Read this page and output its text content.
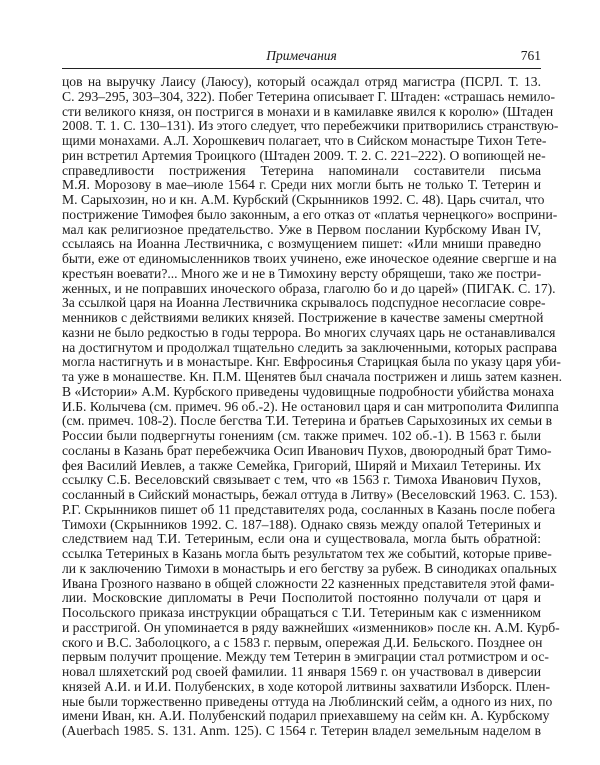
Примечания	761
цов на выручку Лаису (Лаюсу), который осаждал отряд магистра (ПСРЛ. Т. 13.
С. 293–295, 303–304, 322). Побег Тетерина описывает Г. Штаден: «страшась немило-
сти великого князя, он постригся в монахи и в камилавке явился к королю» (Штаден
2008. Т. 1. С. 130–131). Из этого следует, что перебежчики притворились странствую-
щими монахами. А.Л. Хорошкевич полагает, что в Сийском монастыре Тихон Тете-
рин встретил Артемия Троицкого (Штаден 2009. Т. 2. С. 221–222). О вопиющей не-
справедливости пострижения Тетерина напоминали составители письма
М.Я. Морозову в мае–июле 1564 г. Среди них могли быть не только Т. Тетерин и
М. Сарыхозин, но и кн. А.М. Курбский (Скрынников 1992. С. 48). Царь считал, что
пострижение Тимофея было законным, а его отказ от «платья чернецкого» восприни-
мал как религиозное предательство. Уже в Первом послании Курбскому Иван IV,
ссылаясь на Иоанна Лествичника, с возмущением пишет: «Или мниши праведно
быти, еже от единомысленников твоих учинено, еже иноческое одеяние свергше и на
крестьян воевати?... Много же и не в Тимохину версту обрящеши, тако же постри-
женных, и не поправших иноческого образа, глаголю бо и до царей» (ПИГАК. С. 17).
За ссылкой царя на Иоанна Лествичника скрывалось подспудное несогласие совре-
менников с действиями великих князей. Пострижение в качестве замены смертной
казни не было редкостью в годы террора. Во многих случаях царь не останавливался
на достигнутом и продолжал тщательно следить за заключенными, которых расправа
могла настигнуть и в монастыре. Кнг. Евфросинья Старицкая была по указу царя уби-
та уже в монашестве. Кн. П.М. Щенятев был сначала пострижен и лишь затем казнен.
В «Истории» А.М. Курбского приведены чудовищные подробности убийства монаха
И.Б. Колычева (см. примеч. 96 об.-2). Не остановил царя и сан митрополита Филиппа
(см. примеч. 108-2). После бегства Т.И. Тетерина и братьев Сарыхозиных их семьи в
России были подвергнуты гонениям (см. также примеч. 102 об.-1). В 1563 г. были
сосланы в Казань брат перебежчика Осип Иванович Пухов, двоюродный брат Тимо-
фея Василий Иевлев, а также Семейка, Григорий, Ширяй и Михаил Тетерины. Их
ссылку С.Б. Веселовский связывает с тем, что «в 1563 г. Тимоха Иванович Пухов,
сосланный в Сийский монастырь, бежал оттуда в Литву» (Веселовский 1963. С. 153).
Р.Г. Скрынников пишет об 11 представителях рода, сосланных в Казань после побега
Тимохи (Скрынников 1992. С. 187–188). Однако связь между опалой Тетериных и
следствием над Т.И. Тетериным, если она и существовала, могла быть обратной:
ссылка Тетериных в Казань могла быть результатом тех же событий, которые приве-
ли к заключению Тимохи в монастырь и его бегству за рубеж. В синодиках опальных
Ивана Грозного названо в общей сложности 22 казненных представителя этой фами-
лии. Московские дипломаты в Речи Посполитой постоянно получали от царя и
Посольского приказа инструкции обращаться с Т.И. Тетериным как с изменником
и расстригой. Он упоминается в ряду важнейших «изменников» после кн. А.М. Курб-
ского и В.С. Заболоцкого, а с 1583 г. первым, опережая Д.И. Бельского. Позднее он
первым получит прощение. Между тем Тетерин в эмиграции стал ротмистром и ос-
новал шляхетский род своей фамилии. 11 января 1569 г. он участвовал в диверсии
князей А.И. и И.И. Полубенских, в ходе которой литвины захватили Изборск. Плен-
ные были торжественно приведены оттуда на Люблинский сейм, а одного из них, по
имени Иван, кн. А.И. Полубенский подарил приехавшему на сейм кн. А. Курбскому
(Auerbach 1985. S. 131. Anm. 125). С 1564 г. Тетерин владел земельным наделом в
